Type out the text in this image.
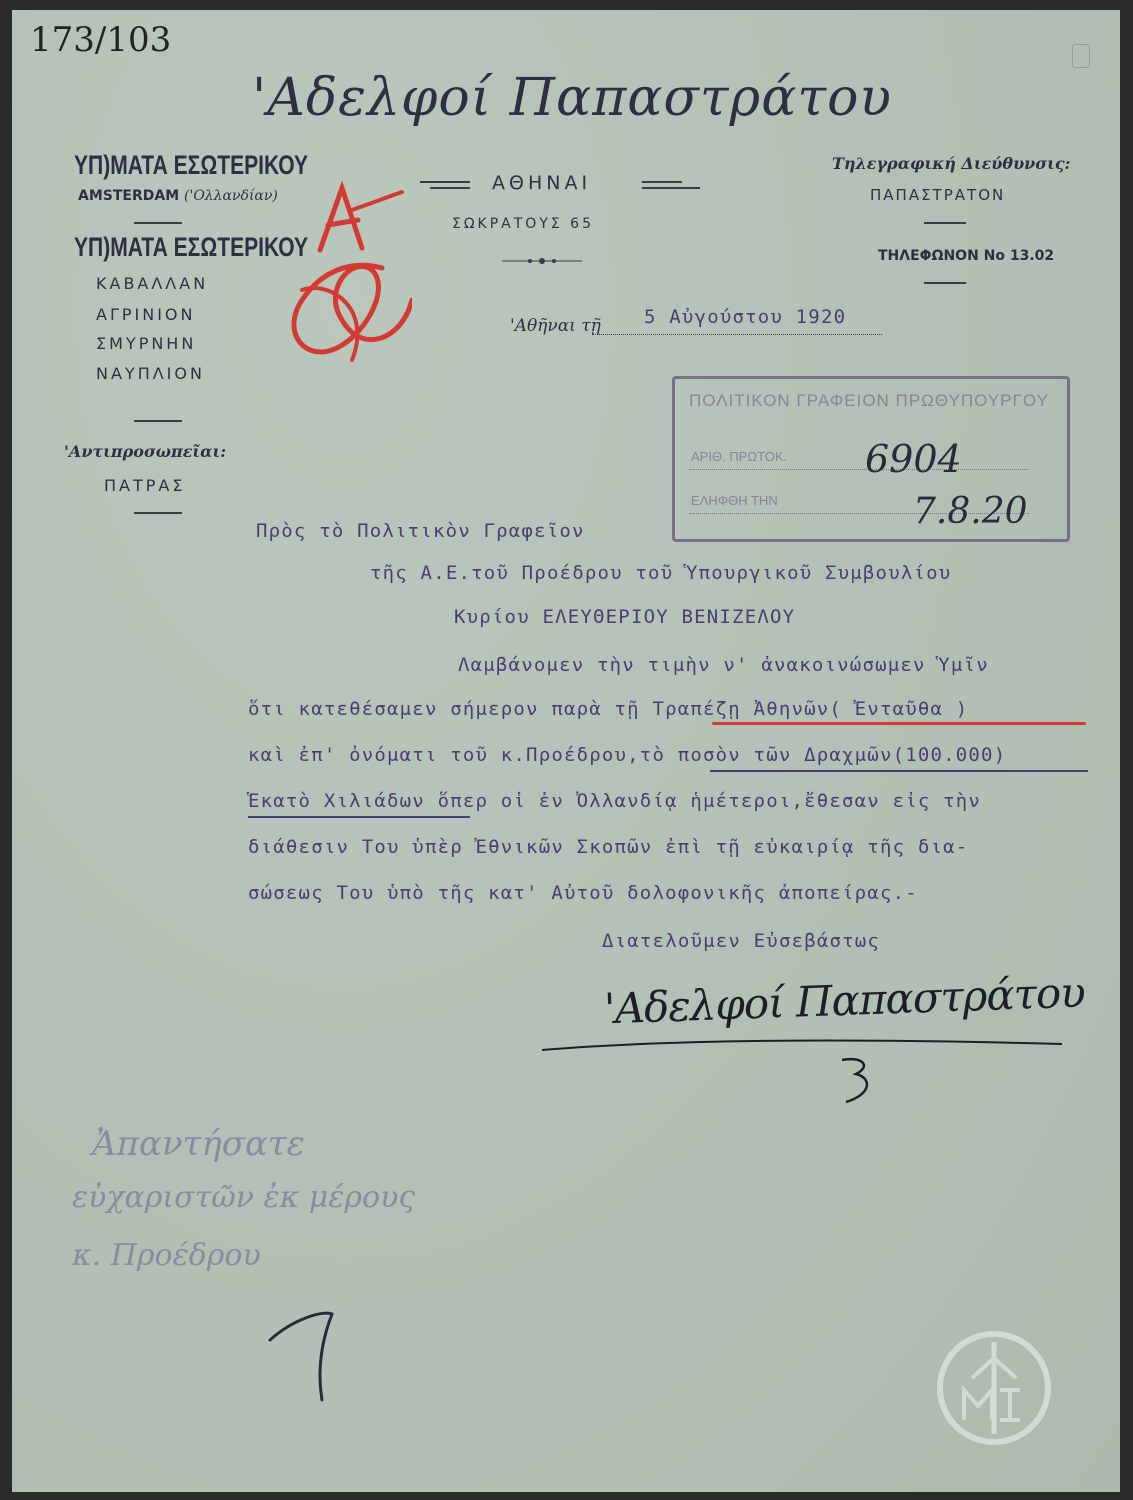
173/103
'Αδελφοί Παπαστράτου
ΥΠ)ΜΑΤΑ ΕΣΩΤΕΡΙΚΟΥ
AMSTERDAM ('Ολλανδίαν)
ΥΠ)ΜΑΤΑ ΕΣΩΤΕΡΙΚΟΥ
ΚΑΒΑΛΛΑΝ
ΑΓΡΙΝΙΟΝ
ΣΜΥΡΝΗΝ
ΝΑΥΠΛΙΟΝ
'Αντιπροσωπεῖαι:
ΠΑΤΡΑΣ
ΑΘΗΝΑΙ
ΣΩΚΡΑΤΟΥΣ 65
Τηλεγραφική Διεύθυνσις:
ΠΑΠΑΣΤΡΑΤΟΝ
ΤΗΛΕΦΩΝΟΝ Νο 13.02
'Αθῆναι τῇ 5 Αὐγούστου 1920
ΠΟΛΙΤΙΚΟΝ ΓΡΑΦΕΙΟΝ ΠΡΩΘΥΠΟΥΡΓΟΥ
ΑΡΙΘ. ΠΡΩΤΟΚ. 6904
ΕΛΗΦΘΗ ΤΗΝ	7.8.20
Πρὸς τὸ Πολιτικὸν Γραφεῖον
τῆς Α.Ε.τοῦ Προέδρου τοῦ Ὑπουργικοῦ Συμβουλίου
Κυρίου ΕΛΕΥΘΕΡΙΟΥ ΒΕΝΙΖΕΛΟΥ
Λαμβάνομεν τὴν τιμὴν ν' ἀνακοινώσωμεν Ὑμῖν
ὅτι κατεθέσαμεν σήμερον παρὰ τῇ Τραπέζῃ Ἀθηνῶν( Ἐνταῦθα )
καὶ ἐπ' ὀνόματι τοῦ κ.Προέδρου,τὸ ποσὸν τῶν Δραχμῶν(100.000)
Ἑκατὸ Χιλιάδων ὅπερ οἱ ἐν Ὀλλανδίᾳ ἡμέτεροι,ἔθεσαν εἰς τὴν
διάθεσιν Του ὑπὲρ Ἐθνικῶν Σκοπῶν ἐπὶ τῇ εὐκαιρίᾳ τῆς δια-
σώσεως Του ὑπὸ τῆς κατ' Αὐτοῦ δολοφονικῆς ἀποπείρας.-
Διατελοῦμεν Εὐσεβάστως
'Αδελφοί Παπαστράτου
Ἀπαντήσατε
εὐχαριστῶν ἐκ μέρους
κ. Προέδρου
